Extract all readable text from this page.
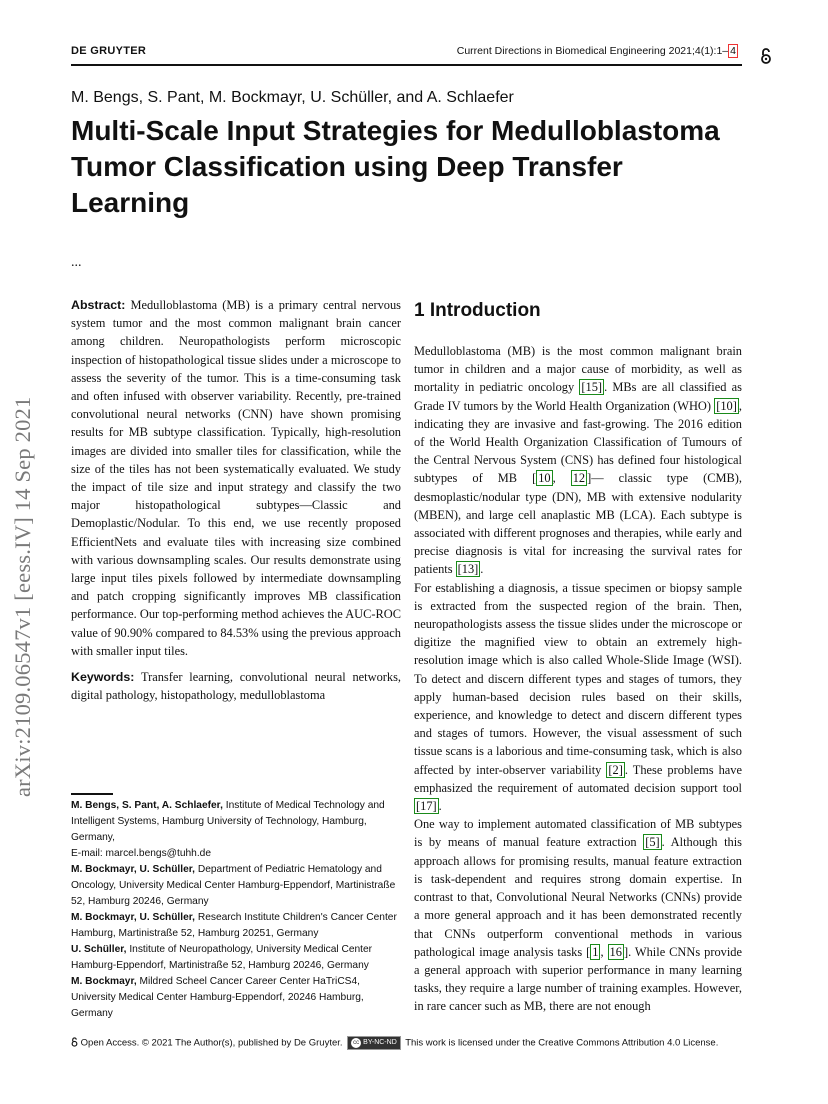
DE GRUYTER	Current Directions in Biomedical Engineering 2021;4(1):1– 4
arXiv:2109.06547v1 [eess.IV] 14 Sep 2021
M. Bengs, S. Pant, M. Bockmayr, U. Schüller, and A. Schlaefer
Multi-Scale Input Strategies for Medulloblastoma Tumor Classification using Deep Transfer Learning
...

Abstract: Medulloblastoma (MB) is a primary central nervous system tumor and the most common malignant brain cancer among children. Neuropathologists perform microscopic inspection of histopathological tissue slides under a microscope to assess the severity of the tumor. This is a time-consuming task and often infused with observer variability. Recently, pre-trained convolutional neural networks (CNN) have shown promising results for MB subtype classification. Typically, high-resolution images are divided into smaller tiles for classification, while the size of the tiles has not been systematically evaluated. We study the impact of tile size and input strategy and classify the two major histopathological subtypes—Classic and Demoplastic/Nodular. To this end, we use recently proposed EfficientNets and evaluate tiles with increasing size combined with various downsampling scales. Our results demonstrate using large input tiles pixels followed by intermediate downsampling and patch cropping significantly improves MB classification performance. Our top-performing method achieves the AUC-ROC value of 90.90% compared to 84.53% using the previous approach with smaller input tiles.

Keywords: Transfer learning, convolutional neural networks, digital pathology, histopathology, medulloblastoma

M. Bengs, S. Pant, A. Schlaefer, Institute of Medical Technology and Intelligent Systems, Hamburg University of Technology, Hamburg, Germany,

E-mail: marcel.bengs@tuhh.de

M. Bockmayr, U. Schüller, Department of Pediatric Hematology and Oncology, University Medical Center Hamburg-Eppendorf, Martinistraße 52, Hamburg 20246, Germany

M. Bockmayr, U. Schüller, Research Institute Children's Cancer Center Hamburg, Martinistraße 52, Hamburg 20251, Germany

U. Schüller, Institute of Neuropathology, University Medical Center Hamburg-Eppendorf, Martinistraße 52, Hamburg 20246, Germany

M. Bockmayr, Mildred Scheel Cancer Career Center HaTriCS4, University Medical Center Hamburg-Eppendorf, 20246 Hamburg, Germany

1 Introduction

Medulloblastoma (MB) is the most common malignant brain tumor in children and a major cause of morbidity, as well as mortality in pediatric oncology [15] . MBs are all classified as Grade IV tumors by the World Health Organization (WHO) [10] , indicating they are invasive and fast-growing. The 2016 edition of the World Health Organization Classification of Tumours of the Central Nervous System (CNS) has defined four histological subtypes of MB [ 10 , 12 ]— classic type (CMB), desmoplastic/nodular type (DN), MB with extensive nodularity (MBEN), and large cell anaplastic MB (LCA). Each subtype is associated with different prognoses and therapies, while early and precise diagnosis is vital for increasing the survival rates for patients [13] .

For establishing a diagnosis, a tissue specimen or biopsy sample is extracted from the suspected region of the brain. Then, neuropathologists assess the tissue slides under the microscope or digitize the magnified view to obtain an extremely high-resolution image which is also called Whole-Slide Image (WSI). To detect and discern different types and stages of tumors, they apply human-based decision rules based on their skills, experience, and knowledge to detect and discern different types and stages of tumors. However, the visual assessment of such tissue scans is a laborious and time-consuming task, which is also affected by inter-observer variability [2] . These problems have emphasized the requirement of automated decision support tool [17] .

One way to implement automated classification of MB subtypes is by means of manual feature extraction [5] . Although this approach allows for promising results, manual feature extraction is task-dependent and requires strong domain expertise. In contrast to that, Convolutional Neural Networks (CNNs) provide a more general approach and it has been demonstrated recently that CNNs outperform conventional methods in various pathological image analysis tasks [ 1 , 16 ]. While CNNs provide a general approach with superior performance in many learning tasks, they require a large number of training examples. However, in rare cancer such as MB, there are not enough

Open Access. © 2021 The Author(s), published by De Gruyter. cc BY-NC-ND This work is licensed under the Creative Commons Attribution 4.0 License.
